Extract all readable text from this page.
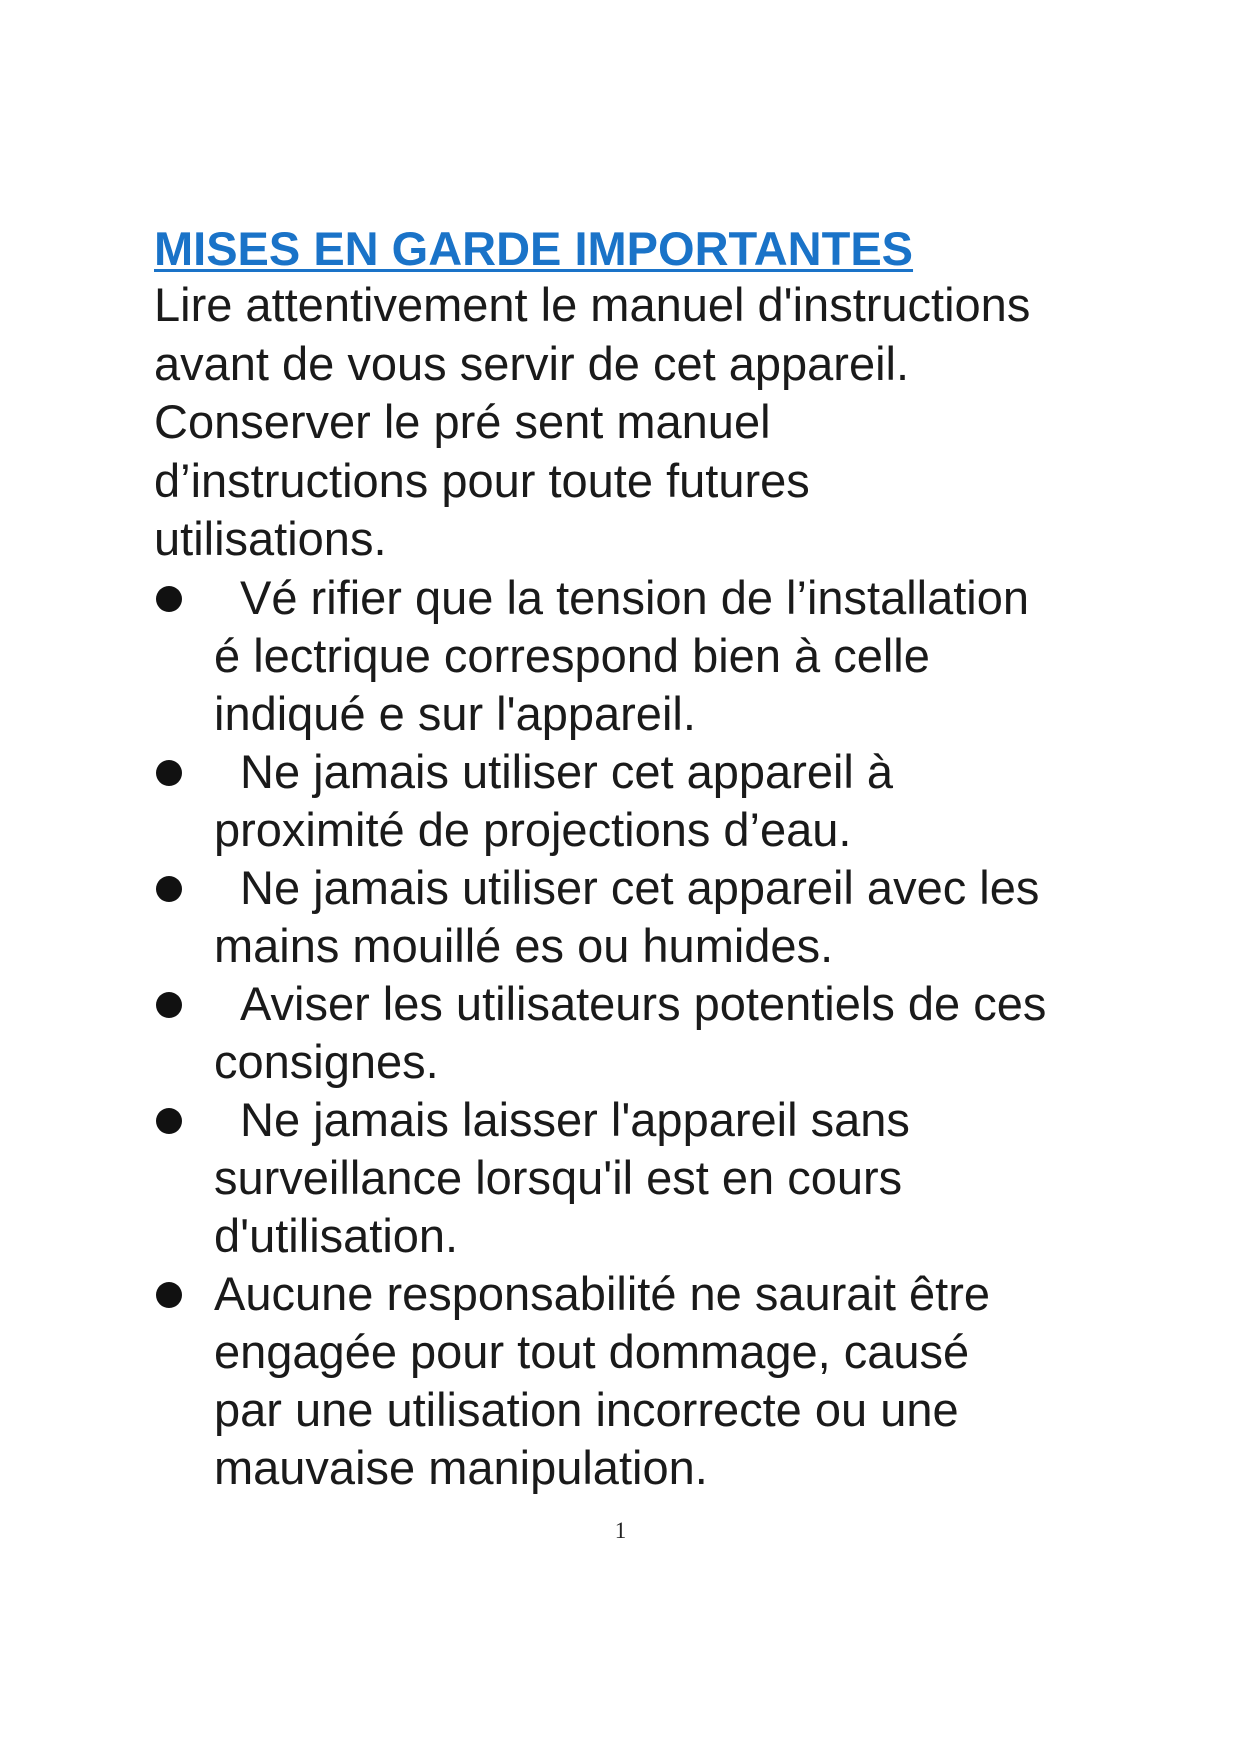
MISES EN GARDE IMPORTANTES

Lire attentivement le manuel d'instructions
avant de vous servir de cet appareil.
Conserver le pré sent manuel
d’instructions pour toute futures
utilisations.

Vé rifier que la tension de l’installation
é lectrique correspond bien à celle
indiqué e sur l'appareil.
Ne jamais utiliser cet appareil à
proximité de projections d’eau.
Ne jamais utiliser cet appareil avec les
mains mouillé es ou humides.
Aviser les utilisateurs potentiels de ces
consignes.
Ne jamais laisser l'appareil sans
surveillance lorsqu'il est en cours
d'utilisation.
Aucune responsabilité ne saurait être
engagée pour tout dommage, causé
par une utilisation incorrecte ou une
mauvaise manipulation.
1
